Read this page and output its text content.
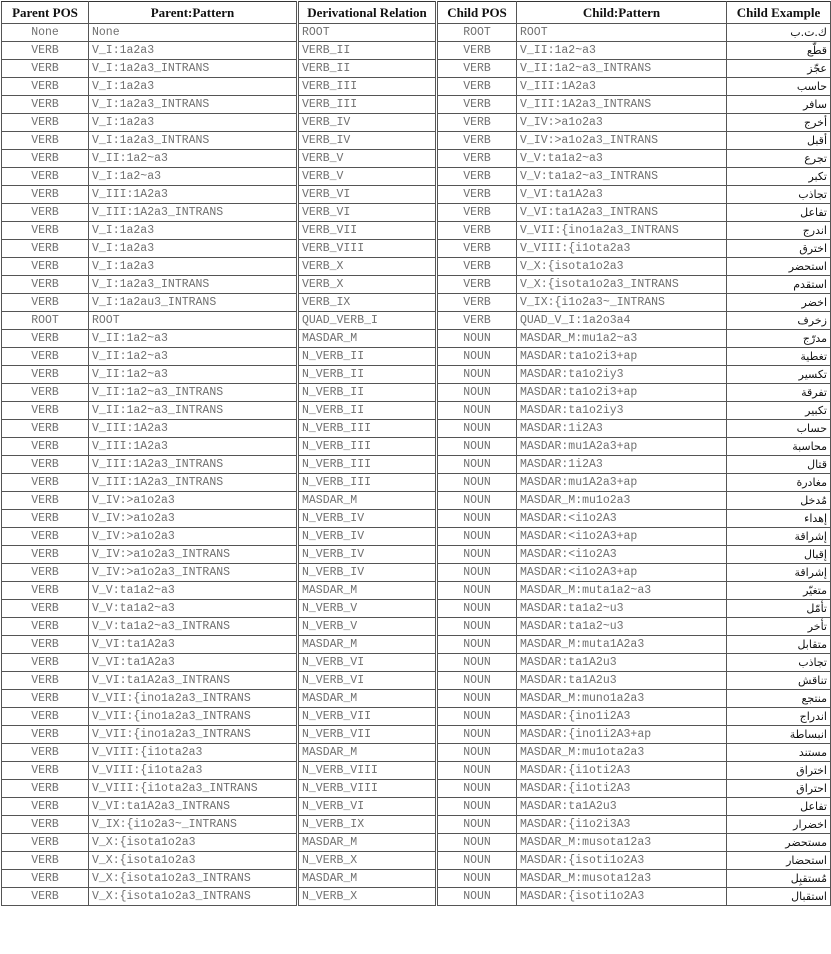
Parent POS	Parent:Pattern	Derivational Relation	Child POS	Child:Pattern	Child Example
None	None	ROOT	ROOT	ROOT	ك.ت.ب
VERB	V_I:1a2a3	VERB_II	VERB	V_II:1a2~a3	قطّع
VERB	V_I:1a2a3_INTRANS	VERB_II	VERB	V_II:1a2~a3_INTRANS	عجّز
VERB	V_I:1a2a3	VERB_III	VERB	V_III:1A2a3	حاسب
VERB	V_I:1a2a3_INTRANS	VERB_III	VERB	V_III:1A2a3_INTRANS	سافر
VERB	V_I:1a2a3	VERB_IV	VERB	V_IV:>a1o2a3	أخرج
VERB	V_I:1a2a3_INTRANS	VERB_IV	VERB	V_IV:>a1o2a3_INTRANS	أقبل
VERB	V_II:1a2~a3	VERB_V	VERB	V_V:ta1a2~a3	تجرع
VERB	V_I:1a2~a3	VERB_V	VERB	V_V:ta1a2~a3_INTRANS	تكبر
VERB	V_III:1A2a3	VERB_VI	VERB	V_VI:ta1A2a3	تجاذب
VERB	V_III:1A2a3_INTRANS	VERB_VI	VERB	V_VI:ta1A2a3_INTRANS	تفاعل
VERB	V_I:1a2a3	VERB_VII	VERB	V_VII:{ino1a2a3_INTRANS	اندرج
VERB	V_I:1a2a3	VERB_VIII	VERB	V_VIII:{i1ota2a3	اخترق
VERB	V_I:1a2a3	VERB_X	VERB	V_X:{isota1o2a3	استحضر
VERB	V_I:1a2a3_INTRANS	VERB_X	VERB	V_X:{isota1o2a3_INTRANS	استقدم
VERB	V_I:1a2au3_INTRANS	VERB_IX	VERB	V_IX:{i1o2a3~_INTRANS	اخضر
ROOT	ROOT	QUAD_VERB_I	VERB	QUAD_V_I:1a2o3a4	زخرف
VERB	V_II:1a2~a3	MASDAR_M	NOUN	MASDAR_M:mu1a2~a3	مدرّج
VERB	V_II:1a2~a3	N_VERB_II	NOUN	MASDAR:ta1o2i3+ap	تغطية
VERB	V_II:1a2~a3	N_VERB_II	NOUN	MASDAR:ta1o2iy3	تكسير
VERB	V_II:1a2~a3_INTRANS	N_VERB_II	NOUN	MASDAR:ta1o2i3+ap	تفرقة
VERB	V_II:1a2~a3_INTRANS	N_VERB_II	NOUN	MASDAR:ta1o2iy3	تكبير
VERB	V_III:1A2a3	N_VERB_III	NOUN	MASDAR:1i2A3	حساب
VERB	V_III:1A2a3	N_VERB_III	NOUN	MASDAR:mu1A2a3+ap	محاسبة
VERB	V_III:1A2a3_INTRANS	N_VERB_III	NOUN	MASDAR:1i2A3	قتال
VERB	V_III:1A2a3_INTRANS	N_VERB_III	NOUN	MASDAR:mu1A2a3+ap	مغادرة
VERB	V_IV:>a1o2a3	MASDAR_M	NOUN	MASDAR_M:mu1o2a3	مُدخل
VERB	V_IV:>a1o2a3	N_VERB_IV	NOUN	MASDAR:<i1o2A3	إهداء
VERB	V_IV:>a1o2a3	N_VERB_IV	NOUN	MASDAR:<i1o2A3+ap	إشراقة
VERB	V_IV:>a1o2a3_INTRANS	N_VERB_IV	NOUN	MASDAR:<i1o2A3	إقبال
VERB	V_IV:>a1o2a3_INTRANS	N_VERB_IV	NOUN	MASDAR:<i1o2A3+ap	إشراقة
VERB	V_V:ta1a2~a3	MASDAR_M	NOUN	MASDAR_M:muta1a2~a3	متغيّر
VERB	V_V:ta1a2~a3	N_VERB_V	NOUN	MASDAR:ta1a2~u3	تأمّل
VERB	V_V:ta1a2~a3_INTRANS	N_VERB_V	NOUN	MASDAR:ta1a2~u3	تأخر
VERB	V_VI:ta1A2a3	MASDAR_M	NOUN	MASDAR_M:muta1A2a3	متقابل
VERB	V_VI:ta1A2a3	N_VERB_VI	NOUN	MASDAR:ta1A2u3	تجاذب
VERB	V_VI:ta1A2a3_INTRANS	N_VERB_VI	NOUN	MASDAR:ta1A2u3	تناقش
VERB	V_VII:{ino1a2a3_INTRANS	MASDAR_M	NOUN	MASDAR_M:muno1a2a3	منتجع
VERB	V_VII:{ino1a2a3_INTRANS	N_VERB_VII	NOUN	MASDAR:{ino1i2A3	اندراج
VERB	V_VII:{ino1a2a3_INTRANS	N_VERB_VII	NOUN	MASDAR:{ino1i2A3+ap	انبساطة
VERB	V_VIII:{i1ota2a3	MASDAR_M	NOUN	MASDAR_M:mu1ota2a3	مستند
VERB	V_VIII:{i1ota2a3	N_VERB_VIII	NOUN	MASDAR:{i1oti2A3	اختراق
VERB	V_VIII:{i1ota2a3_INTRANS	N_VERB_VIII	NOUN	MASDAR:{i1oti2A3	احتراق
VERB	V_VI:ta1A2a3_INTRANS	N_VERB_VI	NOUN	MASDAR:ta1A2u3	تفاعل
VERB	V_IX:{i1o2a3~_INTRANS	N_VERB_IX	NOUN	MASDAR:{i1o2i3A3	اخضرار
VERB	V_X:{isota1o2a3	MASDAR_M	NOUN	MASDAR_M:musota12a3	مستحضر
VERB	V_X:{isota1o2a3	N_VERB_X	NOUN	MASDAR:{isoti1o2A3	استحضار
VERB	V_X:{isota1o2a3_INTRANS	MASDAR_M	NOUN	MASDAR_M:musota12a3	مُستقبِل
VERB	V_X:{isota1o2a3_INTRANS	N_VERB_X	NOUN	MASDAR:{isoti1o2A3	استقبال
